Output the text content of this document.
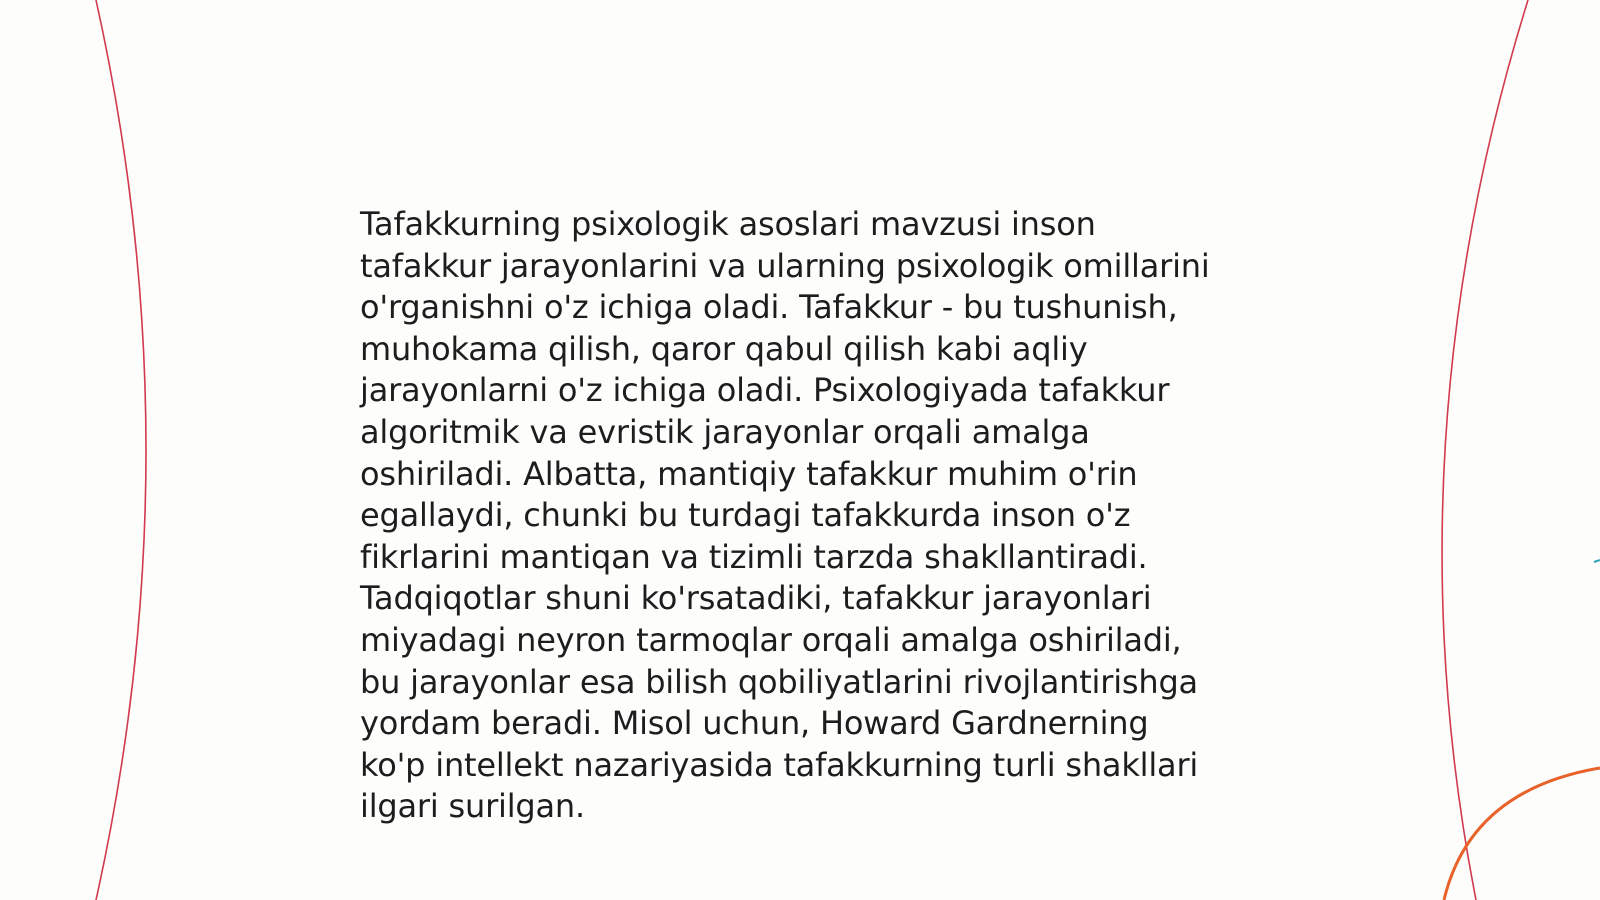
Tafakkurning psixologik asoslari mavzusi inson
tafakkur jarayonlarini va ularning psixologik omillarini
o'rganishni o'z ichiga oladi. Tafakkur - bu tushunish,
muhokama qilish, qaror qabul qilish kabi aqliy
jarayonlarni o'z ichiga oladi. Psixologiyada tafakkur
algoritmik va evristik jarayonlar orqali amalga
oshiriladi. Albatta, mantiqiy tafakkur muhim o'rin
egallaydi, chunki bu turdagi tafakkurda inson o'z
fikrlarini mantiqan va tizimli tarzda shakllantiradi.
Tadqiqotlar shuni ko'rsatadiki, tafakkur jarayonlari
miyadagi neyron tarmoqlar orqali amalga oshiriladi,
bu jarayonlar esa bilish qobiliyatlarini rivojlantirishga
yordam beradi. Misol uchun, Howard Gardnerning
ko'p intellekt nazariyasida tafakkurning turli shakllari
ilgari surilgan.
